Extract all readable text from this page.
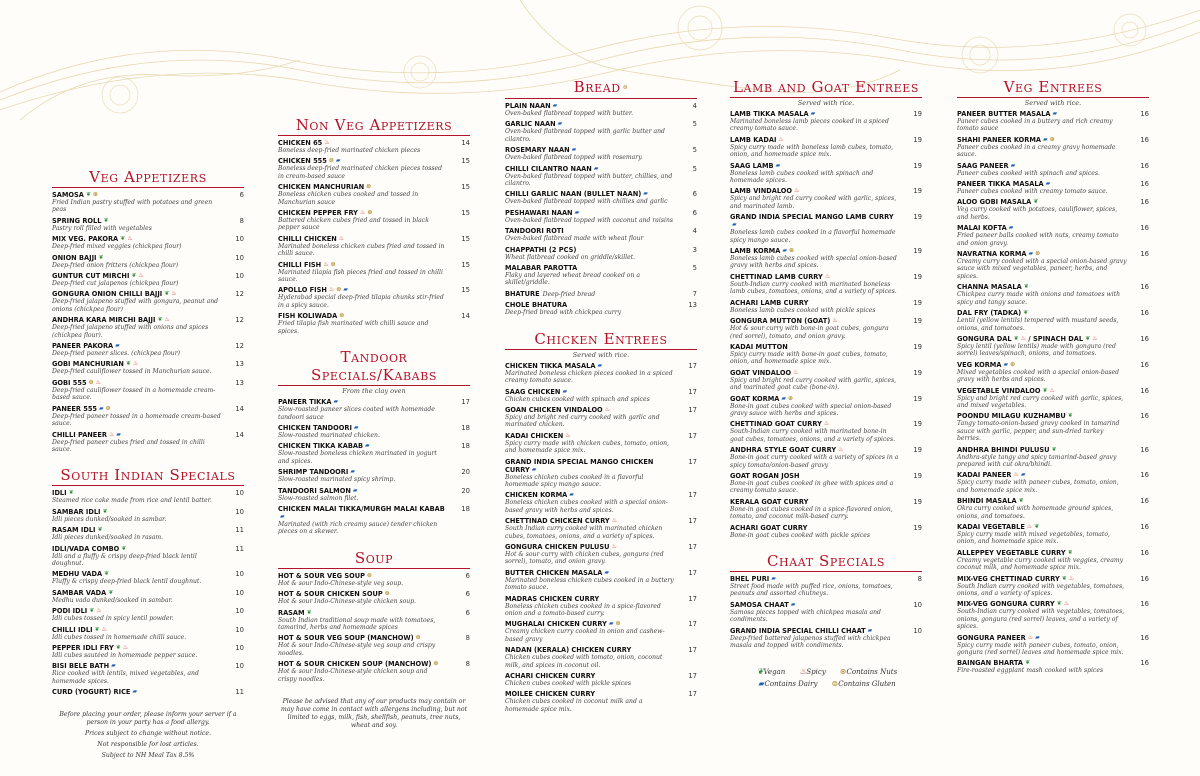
Veg Appetizers
SAMOSA ❦ ⊛	6
Fried Indian pastry stuffed with potatoes and green peas
SPRING ROLL ❦	8
Pastry roll filled with vegetables
MIX VEG. PAKORA ❦ ♨	10
Deep-fried mixed veggies (chickpea flour)
ONION BAJJI ❦	10
Deep-fried onion fritters (chickpea flour)
GUNTUR CUT MIRCHI ❦ ♨	10
Deep-fried cut jalapenos (chickpea flour)
GONGURA ONION CHILLI BAJJI ❦ ♨	12
Deep-fried jalapeno stuffed with gongura, peanut and onions (chickpea flour)
ANDHRA KARA MIRCHI BAJJI ❦ ♨	12
Deep-fried jalapeno stuffed with onions and spices (chickpea flour).
PANEER PAKORA ▰	12
Deep-fried paneer slices. (chickpea flour)
GOBI MANCHURIAN ❦ ♨	13
Deep-fried cauliflower tossed in Manchurian sauce.
GOBI 555 ⊜ ♨	13
Deep-fried cauliflower tossed in a homemade cream-based sauce.
PANEER 555 ▰ ⊜	14
Deep-fried paneer tossed in a homemade cream-based sauce.
CHILLI PANEER ♨ ▰	14
Deep-fried paneer cubes fried and tossed in chilli sauce.
South Indian Specials
IDLI ❦	10
Steamed rice cake made from rice and lentil batter.
SAMBAR IDLI ❦	10
Idli pieces dunked/soaked in sambar.
RASAM IDLI ❦	11
Idli pieces dunked/soaked in rasam.
IDLI/VADA COMBO ❦	11
Idli and a fluffy & crispy deep-fried black lentil doughnut.
MEDHU VADA ❦	10
Fluffy & crispy deep-fried black lentil doughnut.
SAMBAR VADA ❦	10
Medhu vada dunked/soaked in sambar.
PODI IDLI ❦ ♨	10
Idli cubes tossed in spicy lentil powder.
CHILLI IDLI ❦ ♨	10
Idli cubes tossed in homemade chilli sauce.
PEPPER IDLI FRY ❦ ♨	10
Idli cubes sautéed in homemade pepper sauce.
BISI BELE BATH ▰	10
Rice cooked with lentils, mixed vegetables, and homemade spices.
CURD (YOGURT) RICE ▰	11
Before placing your order, please inform your server if a person in your party has a food allergy.
Prices subject to change without notice.
Not responsible for lost articles.
Subject to NH Meal Tax 8.5%
Non Veg Appetizers
CHICKEN 65 ♨	14
Boneless deep-fried marinated chicken pieces
CHICKEN 555 ⊜ ▰	15
Boneless deep-fried marinated chicken pieces tossed in cream-based sauce
CHICKEN MANCHURIAN ⊜	15
Boneless chicken cubes cooked and tossed in Manchurian sauce
CHICKEN PEPPER FRY ♨ ⊜	15
Battered chicken cubes fried and tossed in black pepper sauce
CHILLI CHICKEN ♨	15
Marinated boneless chicken cubes fried and tossed in chilli sauce.
CHILLI FISH ♨ ⊜	15
Marinated tilapia fish pieces fried and tossed in chilli sauce.
APOLLO FISH ♨ ⊜ ▰	15
Hyderabad special deep-fried tilapia chunks stir-fried in a spicy sauce.
FISH KOLIWADA ⊜	14
Fried tilapia fish marinated with chilli sauce and spices.
Tandoor Specials/Kababs
From the clay oven
PANEER TIKKA ▰	17
Slow-roasted paneer slices coated with homemade tandoori sauce
CHICKEN TANDOORI ▰	18
Slow-roasted marinated chicken.
CHICKEN TIKKA KABAB ▰	18
Slow-roasted boneless chicken marinated in yogurt and spices.
SHRIMP TANDOORI ▰	20
Slow-roasted marinated spicy shrimp.
TANDOORI SALMON ▰	20
Slow-roasted salmon filet.
CHICKEN MALAI TIKKA/MURGH MALAI KABAB▰
18
Marinated (with rich creamy sauce) tender chicken pieces on a skewer.
Soup
HOT & SOUR VEG SOUP ⊜	6
Hot & sour Indo-Chinese-style veg soup.
HOT & SOUR CHICKEN SOUP ⊜	6
Hot & sour Indo-Chinese-style chicken soup.
RASAM ❦	6
South Indian traditional soup made with tomatoes, tamarind, herbs and homemade spices
HOT & SOUR VEG SOUP (MANCHOW) ⊜	8
Hot & sour Indo-Chinese-style veg soup and crispy noodles.
HOT & SOUR CHICKEN SOUP (MANCHOW) ⊜	8
Hot & sour Indo-Chinese-style chicken soup and crispy noodles.
Please be advised that any of our products may contain or may have come in contact with allergens including, but not limited to eggs, milk, fish, shellfish, peanuts, tree nuts, wheat and soy.
Bread ⊜
PLAIN NAAN ▰	4
Oven-baked flatbread topped with butter.
GARLIC NAAN ▰	5
Oven-baked flatbread topped with garlic butter and cilantro.
ROSEMARY NAAN ▰	5
Oven-baked flatbread topped with rosemary.
CHILLI CILANTRO NAAN ▰	5
Oven-baked flatbread topped with butter, chillies, and cilantro.
CHILLI GARLIC NAAN (BULLET NAAN) ▰	6
Oven-baked flatbread topped with chillies and garlic
PESHAWARI NAAN ▰	6
Oven-baked flatbread topped with coconut and raisins
TANDOORI ROTI	4
Oven-baked flatbread made with wheat flour
CHAPPATHI (2 PCS)	3
Wheat flatbread cooked on griddle/skillet.
MALABAR PAROTTA	5
Flaky and layered wheat bread cooked on a skillet/griddle.
BHATURE Deep-fried bread	7
CHOLE BHATURA	13
Deep-fried bread with chickpea curry
Chicken Entrees
Served with rice.
CHICKEN TIKKA MASALA ▰	17
Marinated boneless chicken pieces cooked in a spiced creamy tomato sauce.
SAAG CHICKEN ▰	17
Chicken cubes cooked with spinach and spices
GOAN CHICKEN VINDALOO ♨	17
Spicy and bright red curry cooked with garlic and marinated chicken.
KADAI CHICKEN ♨	17
Spicy curry made with chicken cubes, tomato, onion, and homemade spice mix.
GRAND INDIA SPECIAL MANGO CHICKEN CURRY ▰
17
Boneless chicken cubes cooked in a flavorful homemade spicy mango sauce.
CHICKEN KORMA ▰	17
Boneless chicken cubes cooked with a special onion-based gravy with herbs and spices.
CHETTINAD CHICKEN CURRY ♨	17
South Indian curry cooked with marinated chicken cubes, tomatoes, onions, and a variety of spices.
GONGURA CHICKEN PULUSU ♨	17
Hot & sour curry with chicken cubes, gongura (red sorrel), tomato, and onion gravy.
BUTTER CHICKEN MASALA ▰	17
Marinated boneless chicken cubes cooked in a buttery tomato sauce.
MADRAS CHICKEN CURRY	17
Boneless chicken cubes cooked in a spice-flavored onion and a tomato-based curry.
MUGHALAI CHICKEN CURRY ▰ ⊛	17
Creamy chicken curry cooked in onion and cashew-based gravy
NADAN (KERALA) CHICKEN CURRY	17
Chicken cubes cooked with tomato, onion, coconut milk, and spices in coconut oil.
ACHARI CHICKEN CURRY	17
Chicken cubes cooked with pickle spices
MOILEE CHICKEN CURRY	17
Chicken cubes cooked in coconut milk and a homemade spice mix.
Lamb and Goat Entrees
Served with rice.
LAMB TIKKA MASALA ▰	19
Marinated boneless lamb pieces cooked in a spiced creamy tomato sauce.
LAMB KADAI ♨	19
Spicy curry made with boneless lamb cubes, tomato, onion, and homemade spice mix.
SAAG LAMB ▰	19
Boneless lamb cubes cooked with spinach and homemade spices.
LAMB VINDALOO ♨	19
Spicy and bright red curry cooked with garlic, spices, and marinated lamb.
GRAND INDIA SPECIAL MANGO LAMB CURRY▰
19
Boneless lamb cubes cooked in a flavorful homemade spicy mango sauce.
LAMB KORMA ▰ ⊛	19
Boneless lamb cubes cooked with special onion-based gravy with herbs and spices.
CHETTINAD LAMB CURRY ♨	19
South-Indian curry cooked with marinated boneless lamb cubes, tomatoes, onions, and a variety of spices.
ACHARI LAMB CURRY	19
Boneless lamb cubes cooked with pickle spices
GONGURA MUTTON (GOAT) ♨	19
Hot & sour curry with bone-in goat cubes, gongura (red sorrel), tomato, and onion gravy.
KADAI MUTTON	19
Spicy curry made with bone-in goat cubes, tomato, onion, and homemade spice mix.
GOAT VINDALOO ♨	19
Spicy and bright red curry cooked with garlic, spices, and marinated goat cube (bone-in).
GOAT KORMA ▰ ⊛	19
Bone-in goat cubes cooked with special onion-based gravy sauce with herbs and spices.
CHETTINAD GOAT CURRY ♨	19
South-Indian curry cooked with marinated bone-in goat cubes, tomatoes, onions, and a variety of spices.
ANDHRA STYLE GOAT CURRY ♨	19
Bone-in goat curry cooked with a variety of spices in a spicy tomato/onion-based gravy
GOAT ROGAN JOSH	19
Bone-in goat cubes cooked in ghee with spices and a creamy tomato sauce.
KERALA GOAT CURRY	19
Bone-in goat cubes cooked in a spice-flavored onion, tomato, and coconut milk-based curry.
ACHARI GOAT CURRY	19
Bone-in goat cubes cooked with pickle spices
Chaat Specials
BHEL PURI ▰	8
Street food made with puffed rice, onions, tomatoes, peanuts and assorted chutneys.
SAMOSA CHAAT ▰	10
Samosa pieces topped with chickpea masala and condiments.
GRAND INDIA SPECIAL CHILLI CHAAT ▰	10
Deep-fried battered jalapenos stuffed with chickpea masala and topped with condiments.
❦Vegan ♨Spicy ⊛Contains Nuts
▰Contains Dairy ⊜Contains Gluten
Veg Entrees
Served with rice.
PANEER BUTTER MASALA ▰	16
Paneer cubes cooked in a buttery and rich creamy tomato sauce
SHAHI PANEER KORMA ▰ ⊛	16
Paneer cubes cooked in a creamy gravy homemade sauce.
SAAG PANEER ▰	16
Paneer cubes cooked with spinach and spices.
PANEER TIKKA MASALA ▰	16
Paneer cubes cooked with creamy tomato sauce.
ALOO GOBI MASALA ❦	16
Veg curry cooked with potatoes, cauliflower, spices, and herbs.
MALAI KOFTA ▰	16
Fried paneer balls cooked with nuts, creamy tomato and onion gravy.
NAVRATNA KORMA ▰ ⊛	16
Creamy curry cooked with a special onion-based gravy sauce with mixed vegetables, paneer, herbs, and spices.
CHANNA MASALA ❦	16
Chickpea curry made with onions and tomatoes with spicy and tangy sauce.
DAL FRY (TADKA) ❦	16
Lentil (yellow lentils) tempered with mustard seeds, onions, and tomatoes.
GONGURA DAL ❦ ♨ / SPINACH DAL ❦ ♨	16
Spicy lentil (yellow lentils) made with gongura (red sorrel) leaves/spinach, onions, and tomatoes.
VEG KORMA ▰ ⊛	16
Mixed vegetables cooked with a special onion-based gravy with herbs and spices.
VEGETABLE VINDALOO ❦ ♨	16
Spicy and bright red curry cooked with garlic, spices, and mixed vegetables.
POONDU MILAGU KUZHAMBU ❦	16
Tangy tomato-onion-based gravy cooked in tamarind sauce with garlic, pepper, and sun-dried turkey berries.
ANDHRA BHINDI PULUSU ❦	16
Andhra-style tangy and spicy tamarind-based gravy prepared with cut okra/bhindi.
KADAI PANEER ♨ ▰	16
Spicy curry made with paneer cubes, tomato, onion, and homemade spice mix.
BHINDI MASALA ❦	16
Okra curry cooked with homemade ground spices, onions, and tomatoes.
KADAI VEGETABLE ♨ ❦	16
Spicy curry made with mixed vegetables, tomato, onion, and homemade spice mix.
ALLEPPEY VEGETABLE CURRY ❦	16
Creamy vegetable curry cooked with veggies, creamy coconut milk, and homemade spice mix.
MIX-VEG CHETTINAD CURRY ❦ ♨	16
South Indian curry cooked with vegetables, tomatoes, onions, and a variety of spices.
MIX-VEG GONGURA CURRY ❦ ♨	16
South-Indian curry cooked with vegetables, tomatoes, onions, gongura (red sorrel) leaves, and a variety of spices.
GONGURA PANEER ♨ ▰	16
Spicy curry made with paneer cubes, tomato, onion, gongura (red sorrel) leaves and homemade spice mix.
BAINGAN BHARTA ❦	16
Fire-roasted eggplant mash cooked with spices
